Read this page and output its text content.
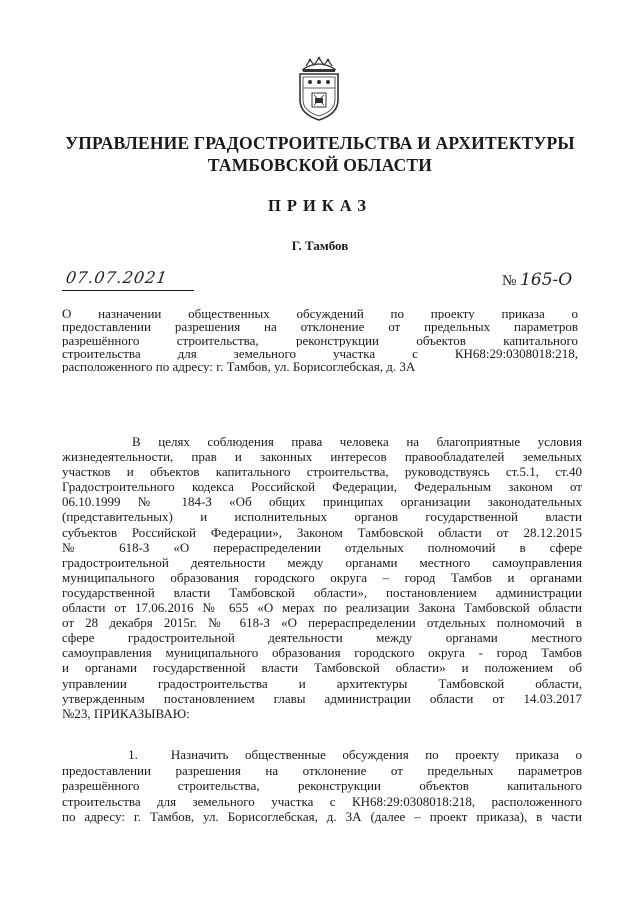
УПРАВЛЕНИЕ ГРАДОСТРОИТЕЛЬСТВА И АРХИТЕКТУРЫ
ТАМБОВСКОЙ ОБЛАСТИ
ПРИКАЗ
Г. Тамбов
07.07.2021	№ 165-О
О назначении общественных обсуждений по проекту приказа о
предоставлении разрешения на отклонение от предельных параметров
разрешённого строительства, реконструкции объектов капитального
строительства для земельного участка с КН68:29:0308018:218,
расположенного по адресу: г. Тамбов, ул. Борисоглебская, д. 3А
В  целях  соблюдения  права  человека  на  благоприятные  условия
жизнедеятельности, прав и законных интересов правообладателей земельных
участков и объектов капитального строительства, руководствуясь ст.5.1, ст.40
Градостроительного кодекса Российской Федерации, Федеральным законом от
06.10.1999 № 184-З «Об общих принципах организации законодательных
(представительных) и исполнительных органов государственной власти
субъектов Российской Федерации», Законом Тамбовской области от 28.12.2015
№ 618-З «О перераспределении отдельных полномочий в сфере
градостроительной деятельности между органами местного самоуправления
муниципального образования городского округа – город Тамбов и органами
государственной власти Тамбовской области», постановлением администрации
области от 17.06.2016 № 655 «О мерах по реализации Закона Тамбовской области
от 28 декабря 2015г. № 618-З «О перераспределении отдельных полномочий в
сфере градостроительной деятельности между органами местного
самоуправления муниципального образования городского округа - город Тамбов
и органами государственной власти Тамбовской области» и положением об
управлении градостроительства и архитектуры Тамбовской области,
утвержденным постановлением главы администрации области от 14.03.2017
№23, ПРИКАЗЫВАЮ:
1.    Назначить  общественные  обсуждения  по  проекту  приказа  о
предоставлении разрешения на отклонение от предельных параметров
разрешённого строительства, реконструкции объектов капитального
строительства для земельного участка с КН68:29:0308018:218, расположенного
по адресу: г. Тамбов, ул. Борисоглебская, д. 3А (далее – проект приказа), в части
